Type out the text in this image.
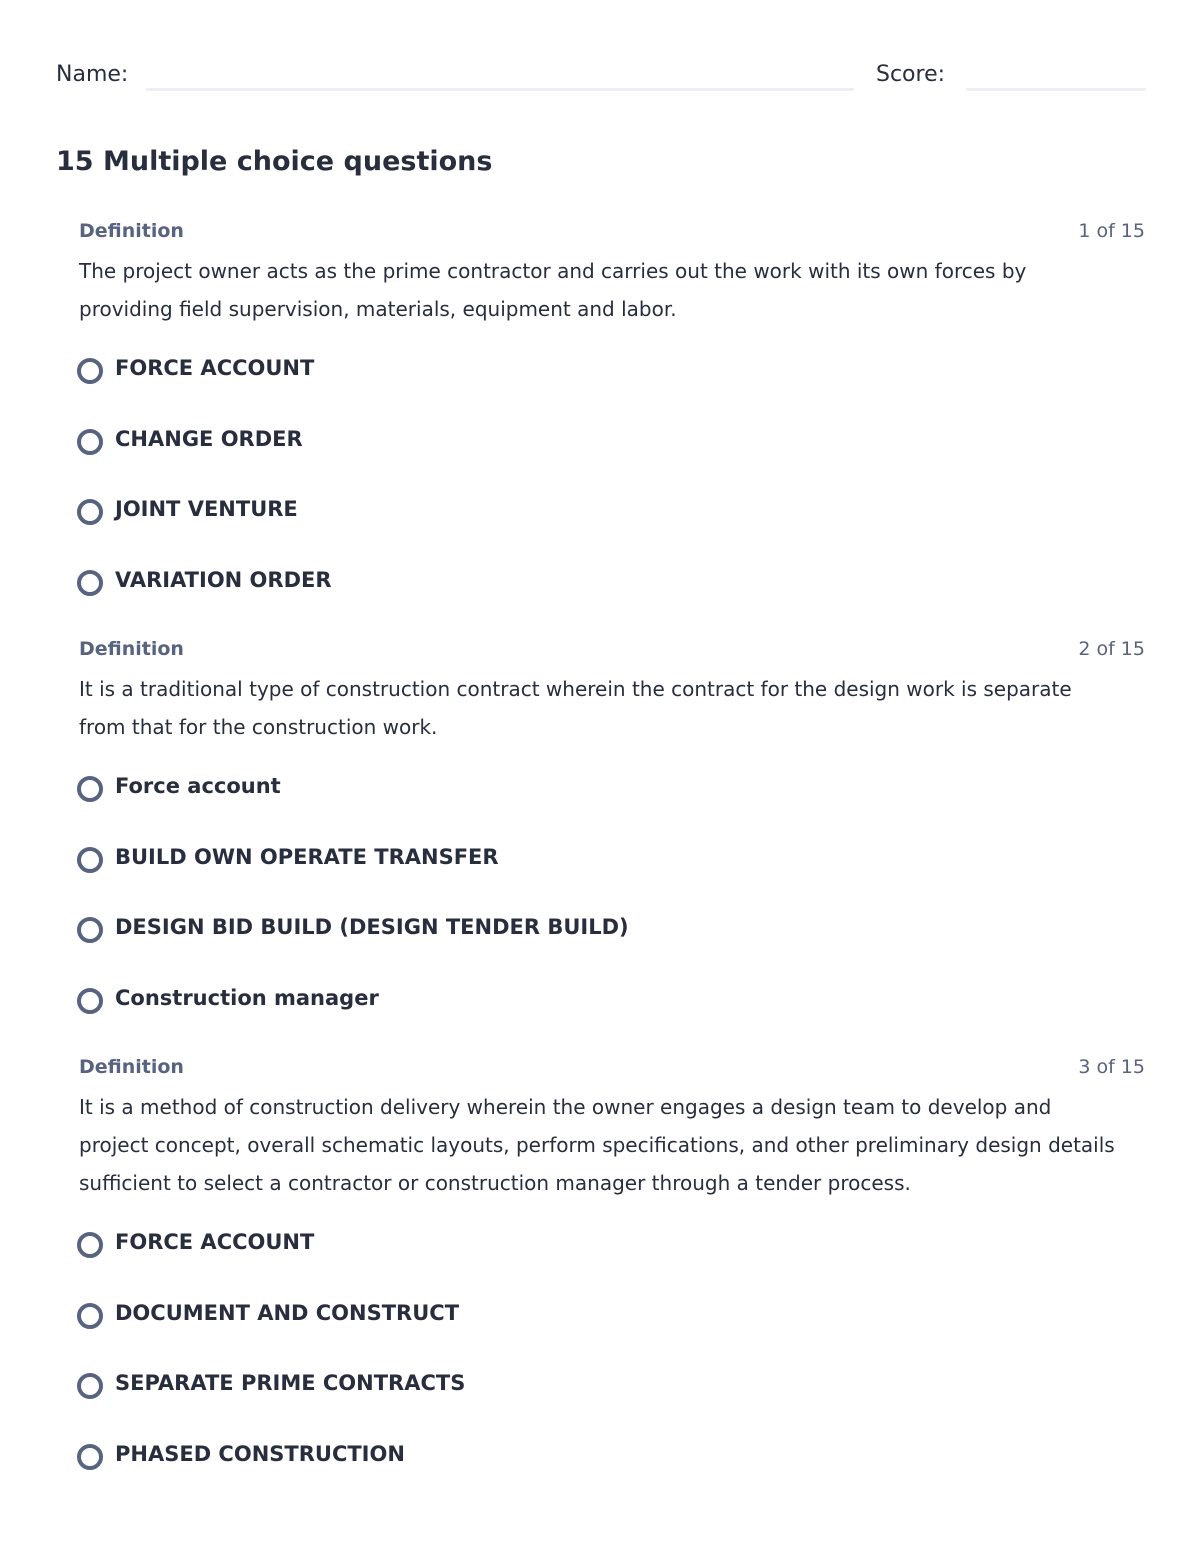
Name:	Score:
15 Multiple choice questions
Definition	1 of 15
The project owner acts as the prime contractor and carries out the work with its own forces by providing field supervision, materials, equipment and labor.
FORCE ACCOUNT
CHANGE ORDER
JOINT VENTURE
VARIATION ORDER
Definition	2 of 15
It is a traditional type of construction contract wherein the contract for the design work is separate from that for the construction work.
Force account
BUILD OWN OPERATE TRANSFER
DESIGN BID BUILD (DESIGN TENDER BUILD)
Construction manager
Definition	3 of 15
It is a method of construction delivery wherein the owner engages a design team to develop and project concept, overall schematic layouts, perform specifications, and other preliminary design details sufficient to select a contractor or construction manager through a tender process.
FORCE ACCOUNT
DOCUMENT AND CONSTRUCT
SEPARATE PRIME CONTRACTS
PHASED CONSTRUCTION
